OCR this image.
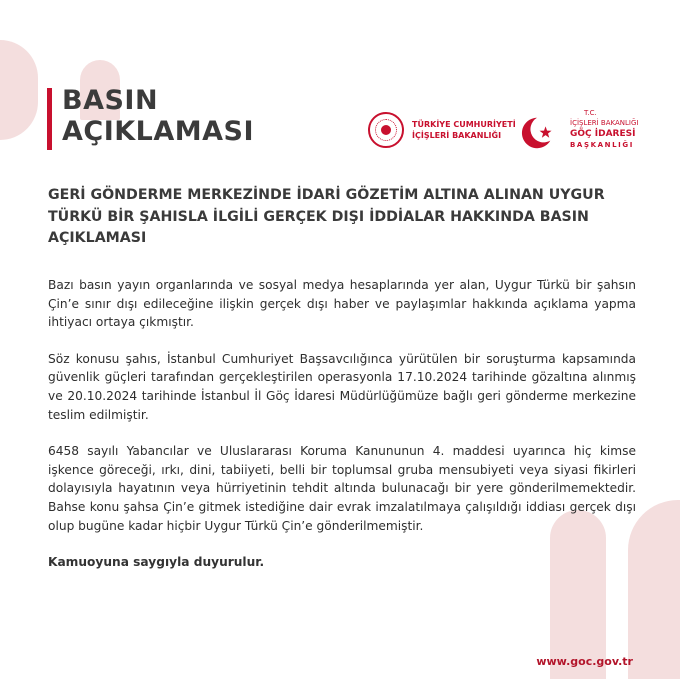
BASIN
AÇIKLAMASI	TÜRKİYE CUMHURİYETİ
İÇİŞLERİ BAKANLIĞI
T.C.
İÇİŞLERİ BAKANLIĞI
GÖÇ İDARESİ
BAŞKANLIĞI
GERİ GÖNDERME MERKEZİNDE İDARİ GÖZETİM ALTINA ALINAN UYGUR TÜRKÜ BİR ŞAHISLA İLGİLİ GERÇEK DIŞI İDDİALAR HAKKINDA BASIN AÇIKLAMASI

Bazı basın yayın organlarında ve sosyal medya hesaplarında yer alan, Uygur Türkü bir şahsın Çin’e sınır dışı edileceğine ilişkin gerçek dışı haber ve paylaşımlar hakkında açıklama yapma ihtiyacı ortaya çıkmıştır.

Söz konusu şahıs, İstanbul Cumhuriyet Başsavcılığınca yürütülen bir soruşturma kapsamında güvenlik güçleri tarafından gerçekleştirilen operasyonla 17.10.2024 tarihinde gözaltına alınmış ve 20.10.2024 tarihinde İstanbul İl Göç İdaresi Müdürlüğümüze bağlı geri gönderme merkezine teslim edilmiştir.

6458 sayılı Yabancılar ve Uluslararası Koruma Kanununun 4. maddesi uyarınca hiç kimse işkence göreceği, ırkı, dini, tabiiyeti, belli bir toplumsal gruba mensubiyeti veya siyasi fikirleri dolayısıyla hayatının veya hürriyetinin tehdit altında bulunacağı bir yere gönderilmemektedir. Bahse konu şahsa Çin’e gitmek istediğine dair evrak imzalatılmaya çalışıldığı iddiası gerçek dışı olup bugüne kadar hiçbir Uygur Türkü Çin’e gönderilmemiştir.

Kamuoyuna saygıyla duyurulur.

www.goc.gov.tr
